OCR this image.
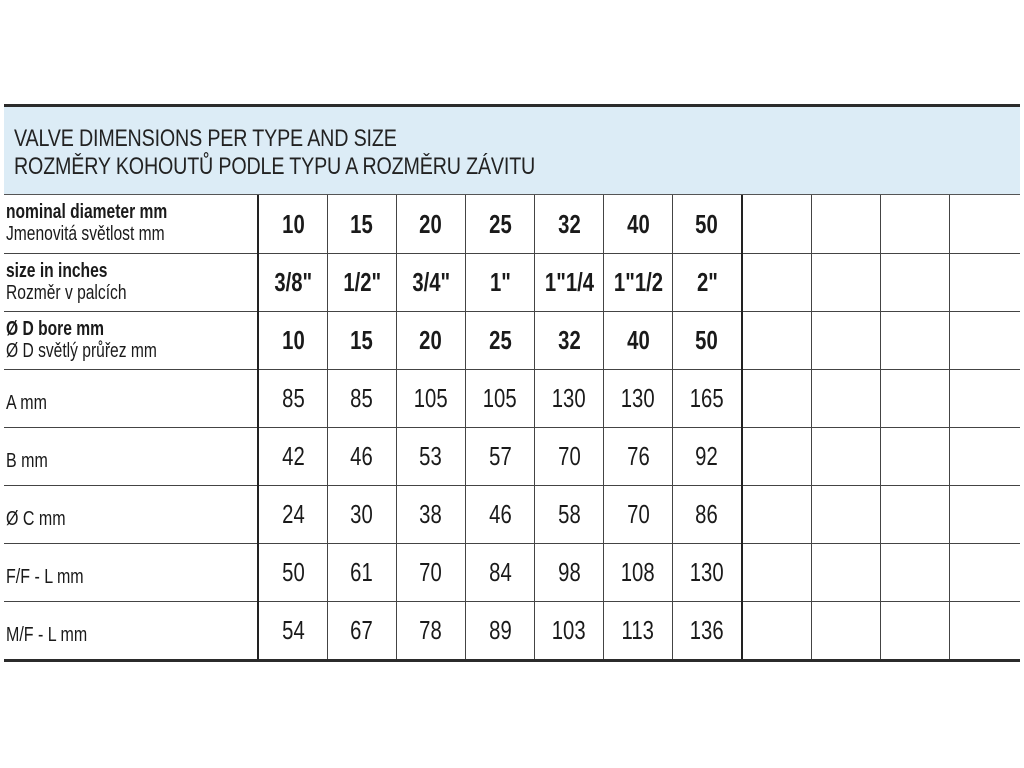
VALVE DIMENSIONS PER TYPE AND SIZE
ROZMĚRY KOHOUTŮ PODLE TYPU A ROZMĚRU ZÁVITU
nominal diameter mm
Jmenovitá světlost mm	10	15	20	25	32	40	50				

size in inches
Rozměr v palcích	3/8"	1/2"	3/4"	1"	1"1/4	1"1/2	2"				

Ø D bore mm
Ø D světlý průřez mm	10	15	20	25	32	40	50				

A mm	85	85	105	105	130	130	165				

B mm	42	46	53	57	70	76	92				

Ø C mm	24	30	38	46	58	70	86				

F/F - L mm	50	61	70	84	98	108	130				

M/F - L mm	54	67	78	89	103	113	136				
